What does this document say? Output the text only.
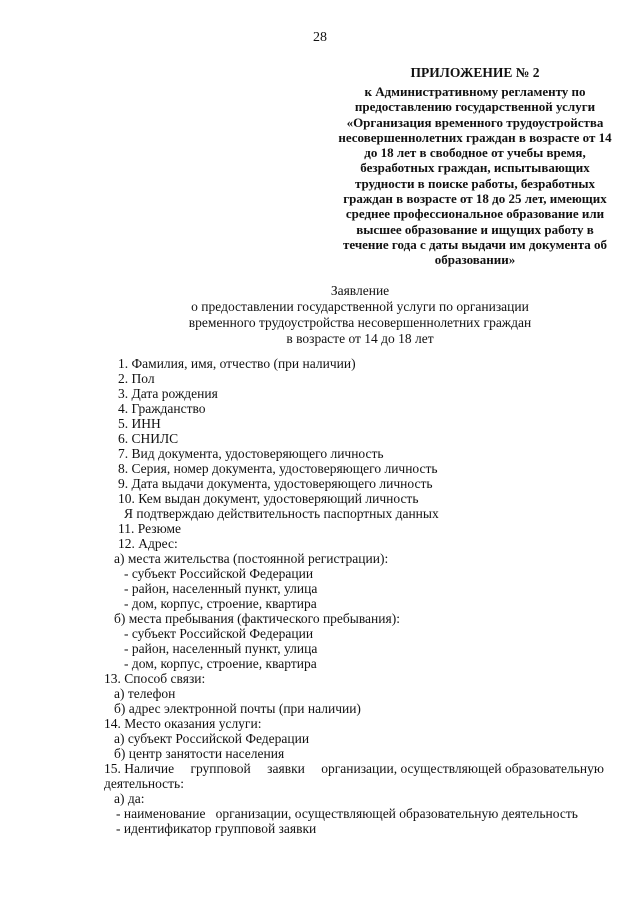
28
ПРИЛОЖЕНИЕ № 2
к Административному регламенту по
предоставлению государственной услуги
«Организация временного трудоустройства
несовершеннолетних граждан в возрасте от 14
до 18 лет в свободное от учебы время,
безработных граждан, испытывающих
трудности в поиске работы, безработных
граждан в возрасте от 18 до 25 лет, имеющих
среднее профессиональное образование или
высшее образование и ищущих работу в
течение года с даты выдачи им документа об
образовании»
Заявление
о предоставлении государственной услуги по организации
временного трудоустройства несовершеннолетних граждан
в возрасте от 14 до 18 лет
1. Фамилия, имя, отчество (при наличии)
2. Пол
3. Дата рождения
4. Гражданство
5. ИНН
6. СНИЛС
7. Вид документа, удостоверяющего личность
8. Серия, номер документа, удостоверяющего личность
9. Дата выдачи документа, удостоверяющего личность
10. Кем выдан документ, удостоверяющий личность
Я подтверждаю действительность паспортных данных
11. Резюме
12. Адрес:
а) места жительства (постоянной регистрации):
- субъект Российской Федерации
- район, населенный пункт, улица
- дом, корпус, строение, квартира
б) места пребывания (фактического пребывания):
- субъект Российской Федерации
- район, населенный пункт, улица
- дом, корпус, строение, квартира
13. Способ связи:
а) телефон
б) адрес электронной почты (при наличии)
14. Место оказания услуги:
а) субъект Российской Федерации
б) центр занятости населения
15. Наличие групповой заявки организации, осуществляющей образовательную
деятельность:
а) да:
- наименование   организации, осуществляющей образовательную деятельность
- идентификатор групповой заявки
